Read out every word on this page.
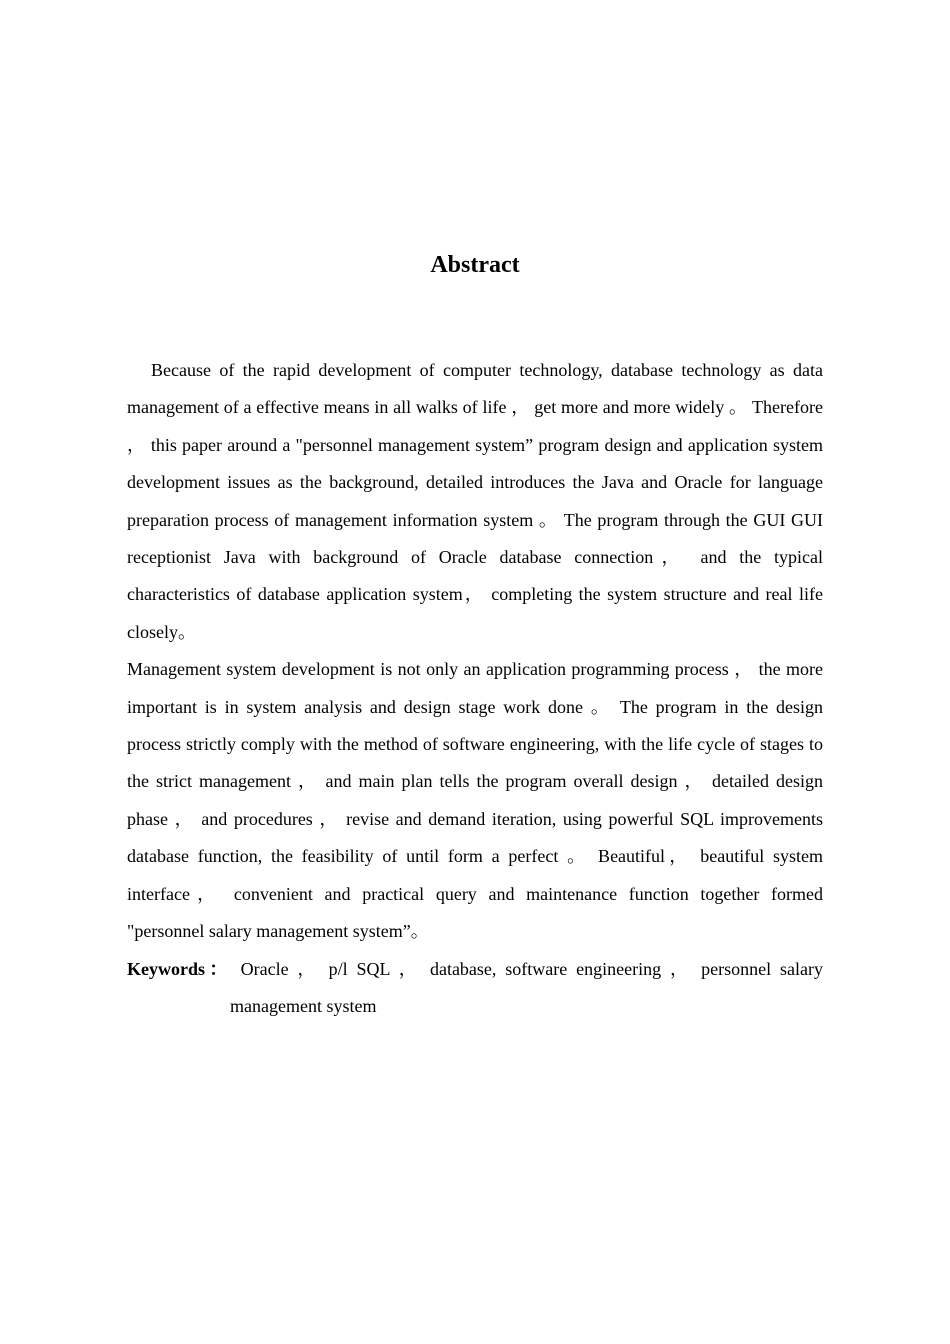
Abstract

Because of the rapid development of computer technology, database technology as data management of a effective means in all walks of life ， get more and more widely 。 Therefore ， this paper around a "personnel management system” program design and application system development issues as the background, detailed introduces the Java and Oracle for language preparation process of management information system 。 The program through the GUI GUI receptionist Java with background of Oracle database connection， and the typical characteristics of database application system， completing the system structure and real life closely。

Management system development is not only an application programming process ， the more important is in system analysis and design stage work done 。 The program in the design process strictly comply with the method of software engineering, with the life cycle of stages to the strict management ， and main plan tells the program overall design ， detailed design phase ， and procedures ， revise and demand iteration, using powerful SQL improvements database function, the feasibility of until form a perfect 。 Beautiful， beautiful system interface， convenient and practical query and maintenance function together formed "personnel salary management system”。

Keywords： Oracle ， p/l SQL ， database, software engineering ， personnel salary management system
